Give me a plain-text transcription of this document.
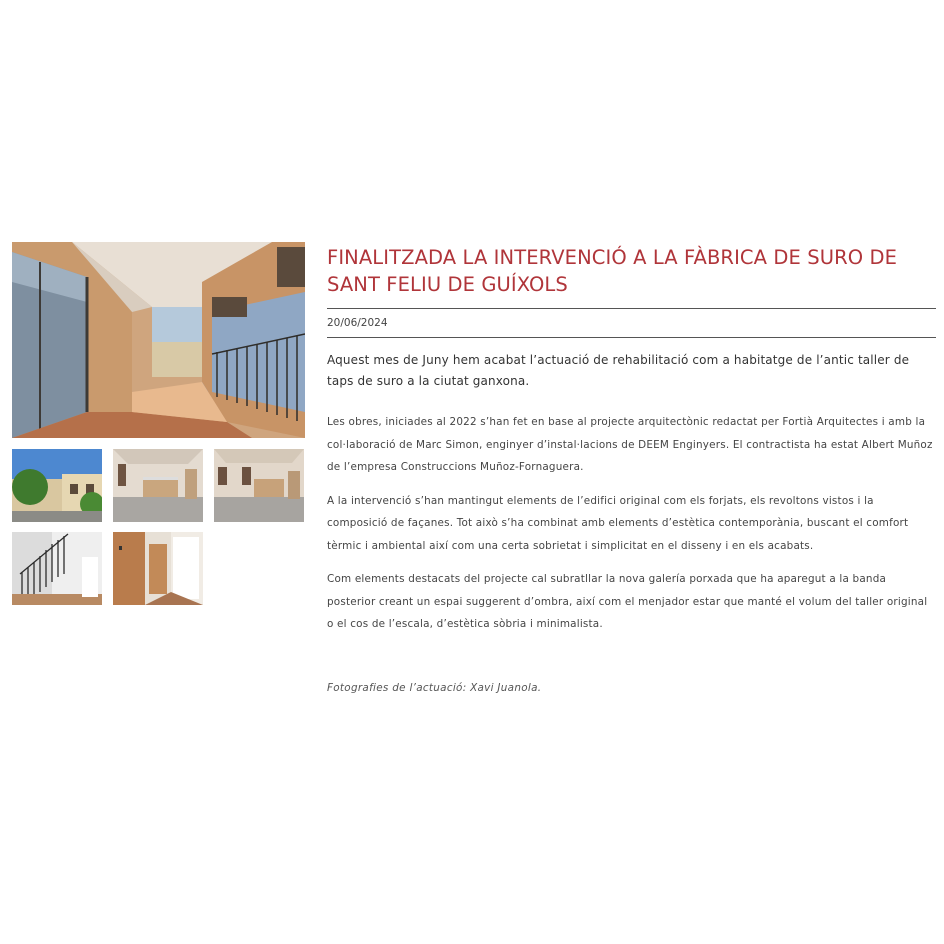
FINALITZADA LA INTERVENCIÓ A LA FÀBRICA DE SURO DE SANT FELIU DE GUÍXOLS
20/06/2024

Aquest mes de Juny hem acabat l’actuació de rehabilitació com a habitatge de l’antic taller de taps de suro a la ciutat ganxona.

Les obres, iniciades al 2022 s’han fet en base al projecte arquitectònic redactat per Fortià Arquitectes i amb la col·laboració de Marc Simon, enginyer d’instal·lacions de DEEM Enginyers. El contractista ha estat Albert Muñoz de l’empresa Construccions Muñoz-Fornaguera.

A la intervenció s’han mantingut elements de l’edifici original com els forjats, els revoltons vistos i la composició de façanes. Tot això s’ha combinat amb elements d’estètica contemporània, buscant el comfort tèrmic i ambiental així com una certa sobrietat i simplicitat en el disseny i en els acabats.

Com elements destacats del projecte cal subratllar la nova galería porxada que ha aparegut a la banda posterior creant un espai suggerent d’ombra, així com el menjador estar que manté el volum del taller original o el cos de l’escala, d’estètica sòbria i minimalista.

Fotografies de l’actuació: Xavi Juanola.
